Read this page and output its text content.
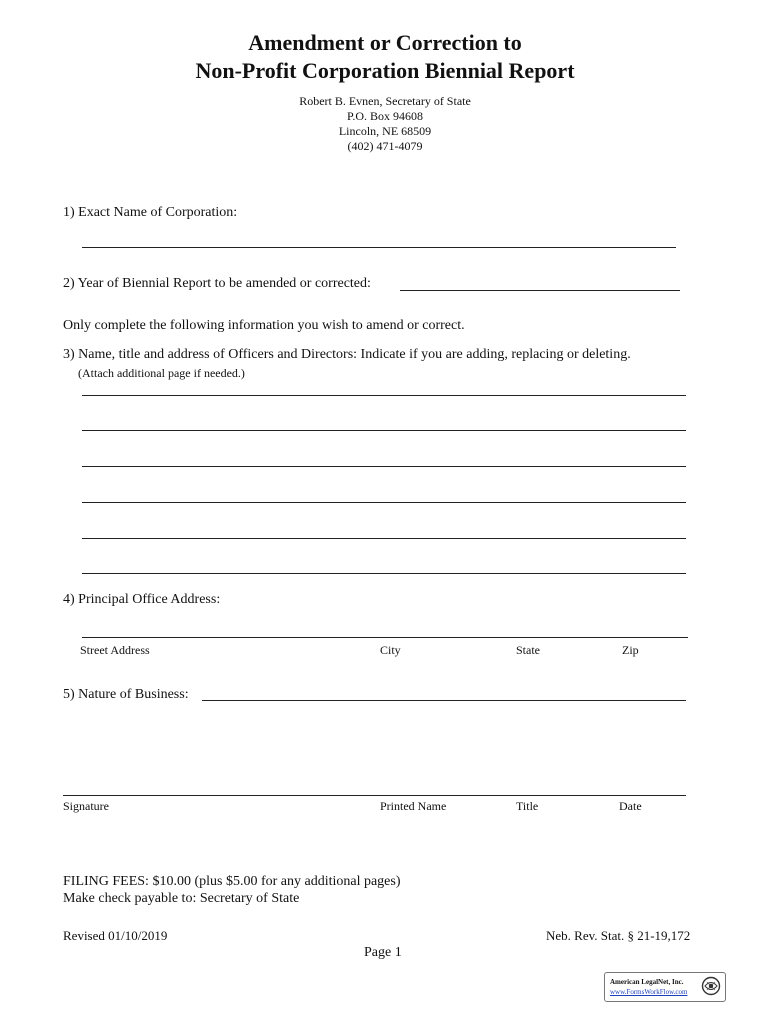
Amendment or Correction to
Non-Profit Corporation Biennial Report
Robert B. Evnen, Secretary of State
P.O. Box 94608
Lincoln, NE 68509
(402) 471-4079
1) Exact Name of Corporation:
2) Year of Biennial Report to be amended or corrected:
Only complete the following information you wish to amend or correct.
3) Name, title and address of Officers and Directors: Indicate if you are adding, replacing or deleting.
(Attach additional page if needed.)
4) Principal Office Address:
Street Address	City	State	Zip
5) Nature of Business:
Signature	Printed Name	Title	Date
FILING FEES: $10.00 (plus $5.00 for any additional pages)
Make check payable to: Secretary of State
Revised 01/10/2019	Neb. Rev. Stat. § 21-19,172
Page 1
American LegalNet, Inc.
www.FormsWorkFlow.com
